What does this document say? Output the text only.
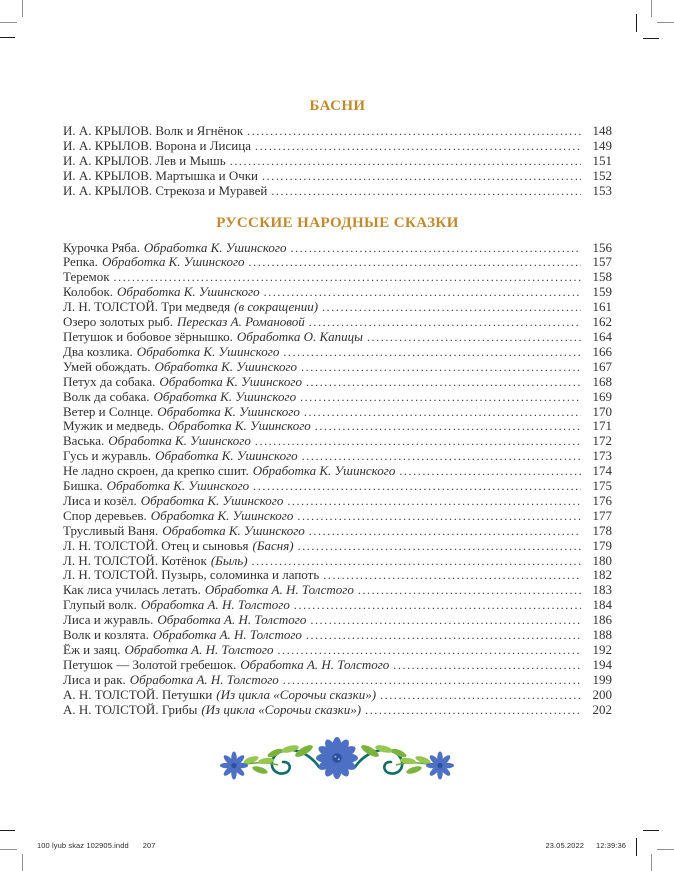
БАСНИ
И. А. КРЫЛОВ. Волк и Ягнёнок .....	148
И. А. КРЫЛОВ. Ворона и Лисица .....	149
И. А. КРЫЛОВ. Лев и Мышь .....	151
И. А. КРЫЛОВ. Мартышка и Очки .....	152
И. А. КРЫЛОВ. Стрекоза и Муравей .....	153
РУССКИЕ НАРОДНЫЕ СКАЗКИ
Курочка Ряба. Обработка К. Ушинского .....	156
Репка. Обработка К. Ушинского .....	157
Теремок .....	158
Колобок. Обработка К. Ушинского .....	159
Л. Н. ТОЛСТОЙ. Три медведя (в сокращении) .....	161
Озеро золотых рыб. Пересказ А. Романовой .....	162
Петушок и бобовое зёрнышко. Обработка О. Капицы .....	164
Два козлика. Обработка К. Ушинского .....	166
Умей обождать. Обработка К. Ушинского .....	167
Петух да собака. Обработка К. Ушинского .....	168
Волк да собака. Обработка К. Ушинского .....	169
Ветер и Солнце. Обработка К. Ушинского .....	170
Мужик и медведь. Обработка К. Ушинского .....	171
Васька. Обработка К. Ушинского .....	172
Гусь и журавль. Обработка К. Ушинского .....	173
Не ладно скроен, да крепко сшит. Обработка К. Ушинского .....	174
Бишка. Обработка К. Ушинского .....	175
Лиса и козёл. Обработка К. Ушинского .....	176
Спор деревьев. Обработка К. Ушинского .....	177
Трусливый Ваня. Обработка К. Ушинского .....	178
Л. Н. ТОЛСТОЙ. Отец и сыновья (Басня) .....	179
Л. Н. ТОЛСТОЙ. Котёнок (Быль) .....	180
Л. Н. ТОЛСТОЙ. Пузырь, соломинка и лапоть .....	182
Как лиса училась летать. Обработка А. Н. Толстого .....	183
Глупый волк. Обработка А. Н. Толстого .....	184
Лиса и журавль. Обработка А. Н. Толстого .....	186
Волк и козлята. Обработка А. Н. Толстого .....	188
Ёж и заяц. Обработка А. Н. Толстого .....	192
Петушок — Золотой гребешок. Обработка А. Н. Толстого .....	194
Лиса и рак. Обработка А. Н. Толстого .....	199
А. Н. ТОЛСТОЙ. Петушки (Из цикла «Сорочьи сказки») .....	200
А. Н. ТОЛСТОЙ. Грибы (Из цикла «Сорочьи сказки») .....	202
100 lyub skaz 102905.indd 207	23.05.2022 12:39:36
